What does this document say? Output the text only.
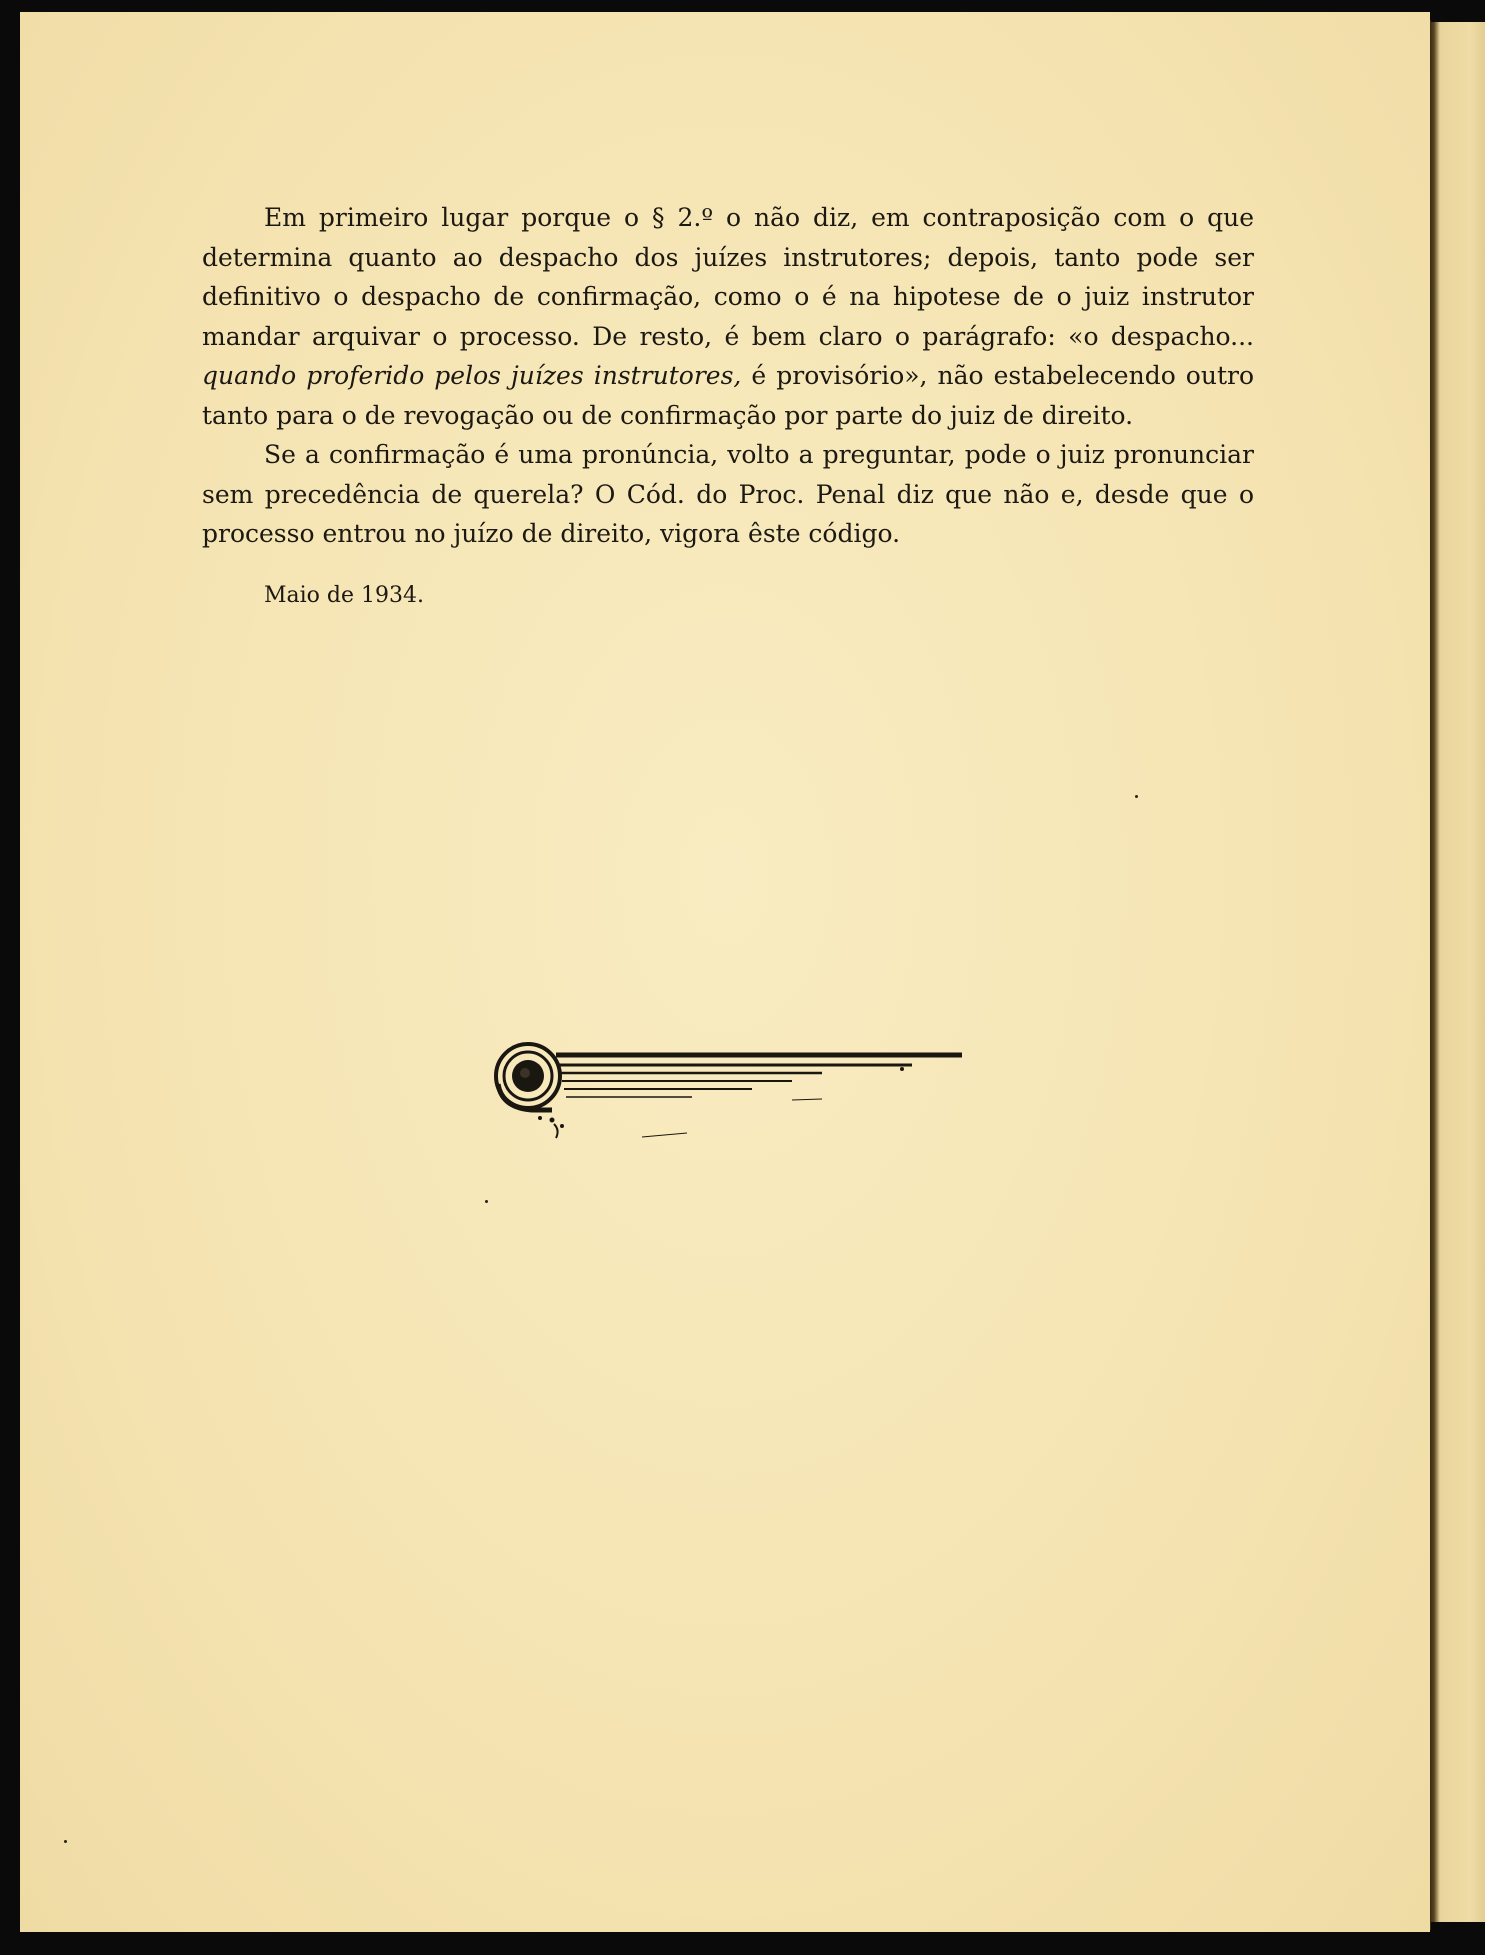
Em primeiro lugar porque o § 2.º o não diz, em contraposição com o que determina quanto ao despacho dos juízes instrutores; depois, tanto pode ser definitivo o despacho de confirmação, como o é na hipotese de o juiz instrutor mandar arquivar o processo. De resto, é bem claro o parágrafo: «o despacho... quando proferido pelos juízes instrutores, é provisório», não estabelecendo outro tanto para o de revogação ou de confirmação por parte do juiz de direito.

Se a confirmação é uma pronúncia, volto a preguntar, pode o juiz pronunciar sem precedência de querela? O Cód. do Proc. Penal diz que não e, desde que o processo entrou no juízo de direito, vigora êste código.

Maio de 1934.
